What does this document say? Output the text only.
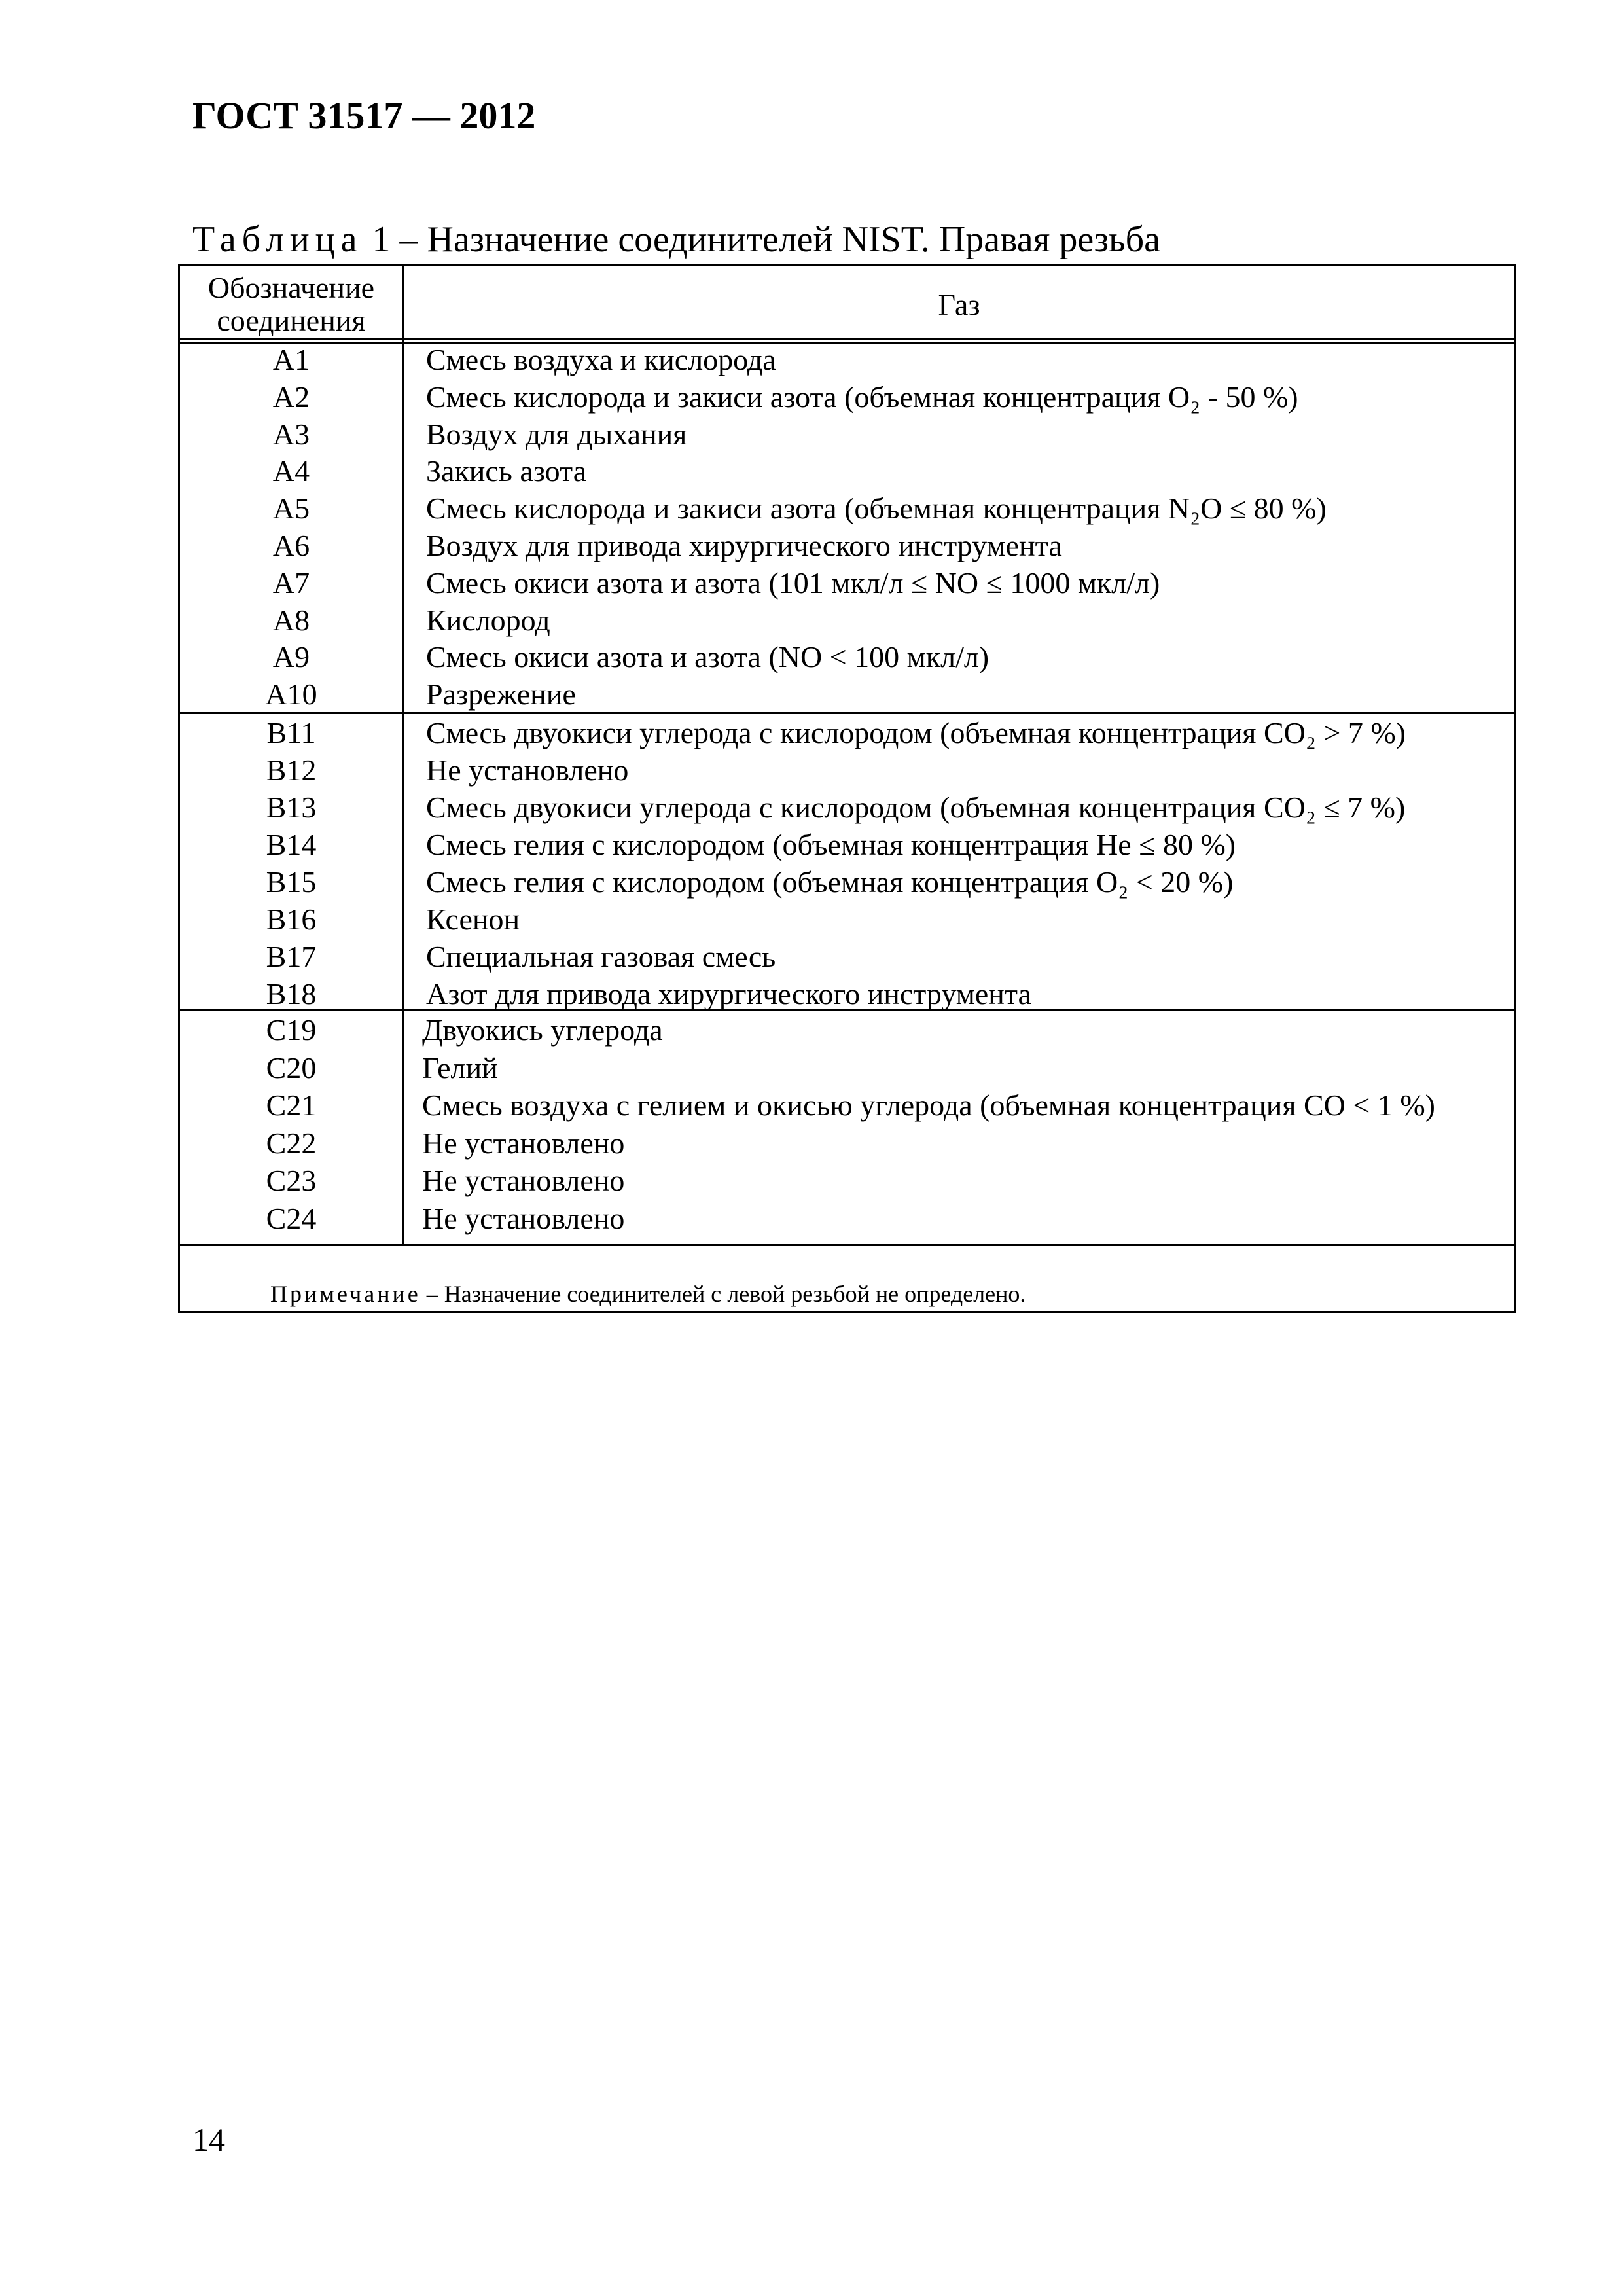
ГОСТ 31517 — 2012
Таблица 1 – Назначение соединителей NIST. Правая резьба
Обозначение
соединения	Газ
A1	Смесь воздуха и кислорода
A2	Смесь кислорода и закиси азота (объемная концентрация O₂ - 50 %)
A3	Воздух для дыхания
A4	Закись азота
A5	Смесь кислорода и закиси азота (объемная концентрация N₂O ≤ 80 %)
A6	Воздух для привода хирургического инструмента
A7	Смесь окиси азота и азота (101 мкл/л ≤ NO ≤ 1000 мкл/л)
A8	Кислород
A9	Смесь окиси азота и азота (NO < 100 мкл/л)
A10	Разрежение
B11	Смесь двуокиси углерода с кислородом (объемная концентрация CO₂ > 7 %)
B12	Не установлено
B13	Смесь двуокиси углерода с кислородом (объемная концентрация CO₂ ≤ 7 %)
B14	Смесь гелия с кислородом (объемная концентрация He ≤ 80 %)
B15	Смесь гелия с кислородом (объемная концентрация O₂ < 20 %)
B16	Ксенон
B17	Специальная газовая смесь
B18	Азот для привода хирургического инструмента
C19	Двуокись углерода
C20	Гелий
C21	Смесь воздуха с гелием и окисью углерода (объемная концентрация CO < 1 %)
C22	Не установлено
C23	Не установлено
C24	Не установлено
Примечание – Назначение соединителей с левой резьбой не определено.
14
